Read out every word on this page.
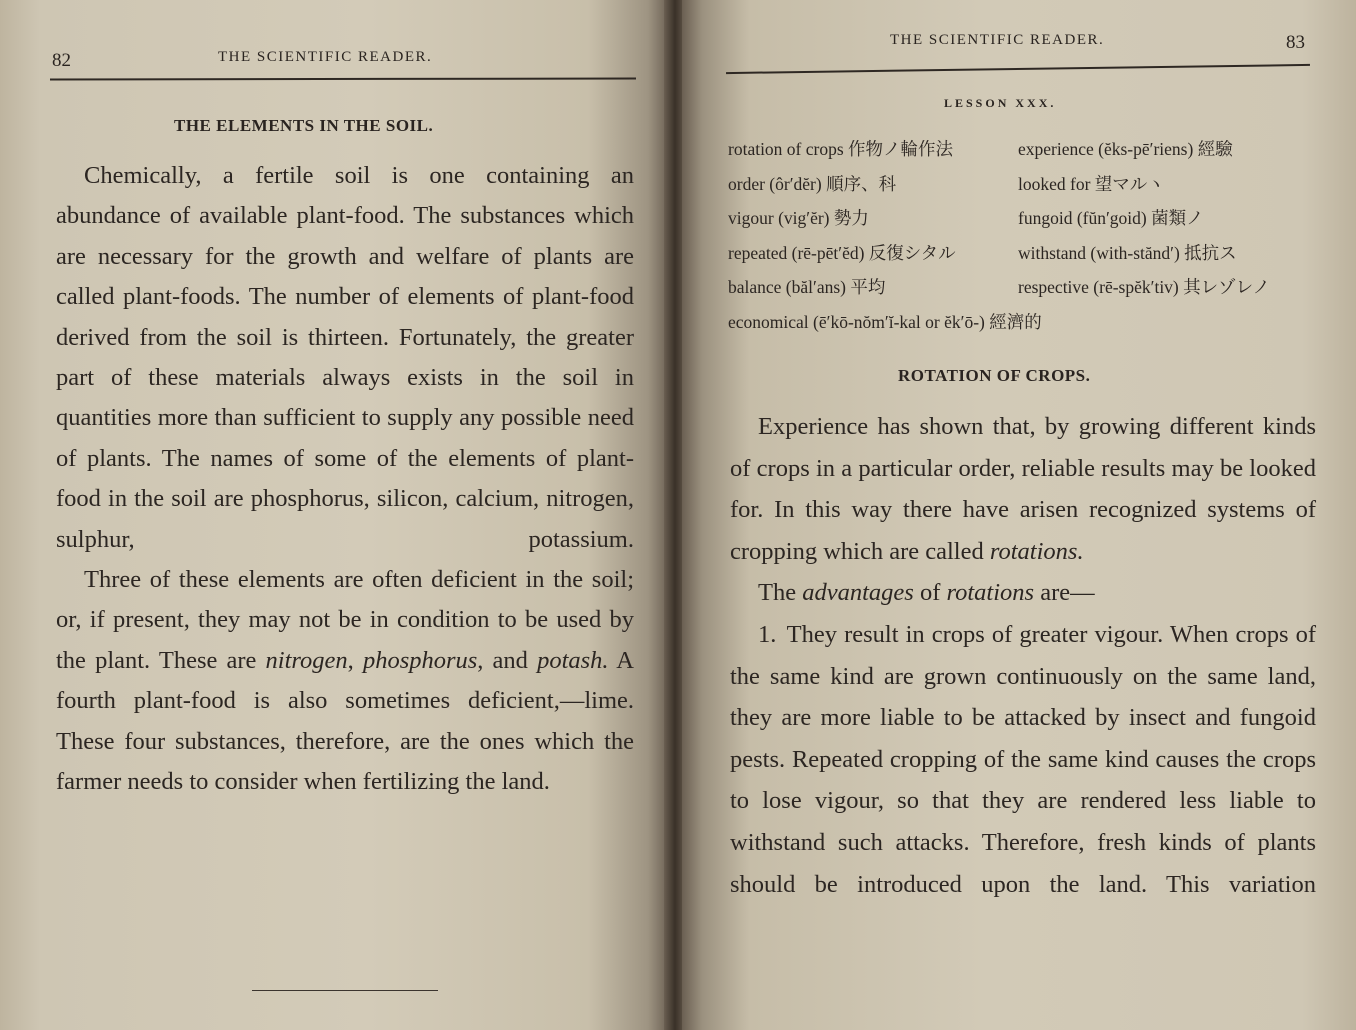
82	THE SCIENTIFIC READER.
THE ELEMENTS IN THE SOIL.

Chemically, a fertile soil is one containing an abundance of available plant-food. The substances which are necessary for the growth and welfare of plants are called plant-foods. The number of elements of plant-food derived from the soil is thirteen. Fortunately, the greater part of these materials always exists in the soil in quantities more than sufficient to supply any possible need of plants. The names of some of the elements of plant-food in the soil are phosphorus, silicon, calcium, nitrogen, sulphur, potassium.

Three of these elements are often deficient in the soil; or, if present, they may not be in condition to be used by the plant. These are nitrogen, phosphorus, and potash. A fourth plant-food is also sometimes deficient,—lime. These four substances, therefore, are the ones which the farmer needs to consider when fertilizing the land.

THE SCIENTIFIC READER.	83
LESSON XXX.
rotation of crops 作物ノ輪作法	experience (ĕks-pē′riens) 經驗
order (ôr′dĕr) 順序、科	looked for 望マルヽ
vigour (vig′ĕr) 勢力	fungoid (fŭn′goid) 菌類ノ
repeated (rē-pēt′ĕd) 反復シタル	withstand (with-stănd′) 抵抗ス
balance (băl′ans) 平均	respective (rē-spĕk′tiv) 其レゾレノ
economical (ē′kō-nŏm′ĭ-kal or ĕk′ō-) 經濟的
ROTATION OF CROPS.

Experience has shown that, by growing different kinds of crops in a particular order, reliable results may be looked for. In this way there have arisen recognized systems of cropping which are called rotations.

The advantages of rotations are—

1. They result in crops of greater vigour. When crops of the same kind are grown continuously on the same land, they are more liable to be attacked by insect and fungoid pests. Repeated cropping of the same kind causes the crops to lose vigour, so that they are rendered less liable to withstand such attacks. Therefore, fresh kinds of plants should be introduced upon the land. This variation
